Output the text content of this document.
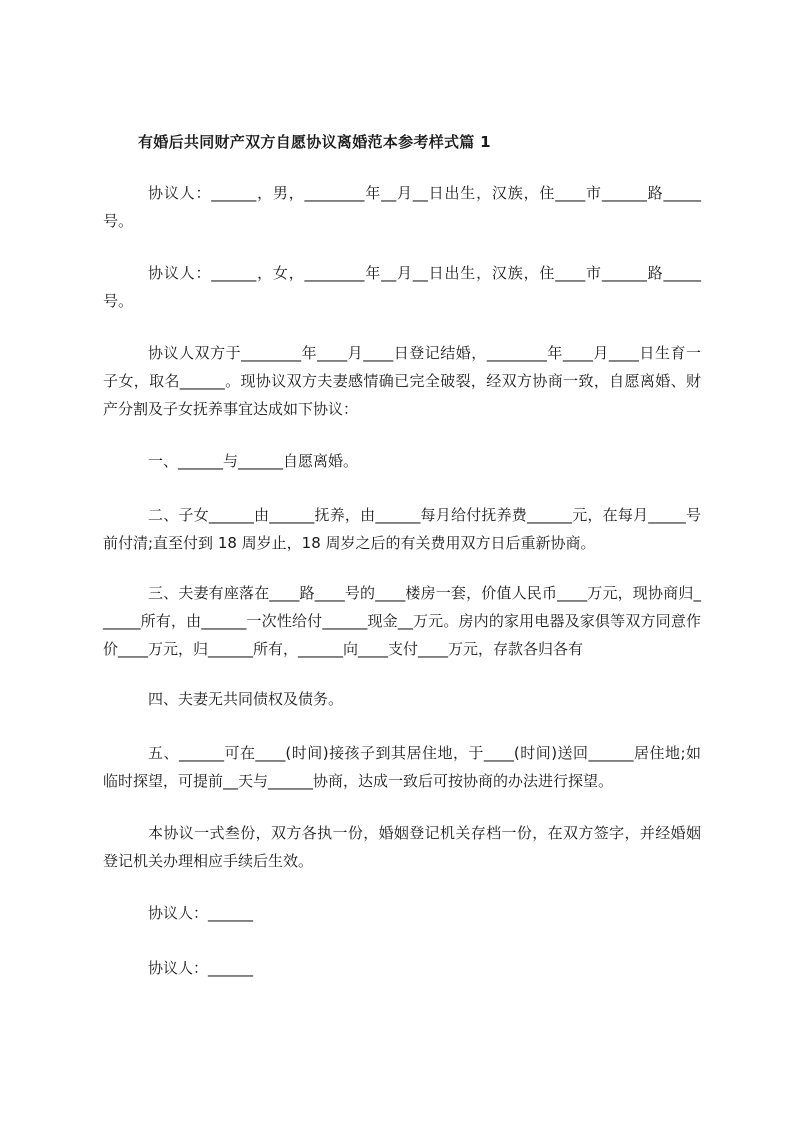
有婚后共同财产双方自愿协议离婚范本参考样式篇 1
协议人：______，男，________年__月__日出生，汉族，住____市______路_____号。
协议人：______，女，________年__月__日出生，汉族，住____市______路_____号。
协议人双方于________年____月____日登记结婚，________年____月____日生育一子女，取名______。现协议双方夫妻感情确已完全破裂，经双方协商一致，自愿离婚、财产分割及子女抚养事宜达成如下协议：
一、______与______自愿离婚。
二、子女______由______抚养，由______每月给付抚养费______元，在每月_____号前付清;直至付到 18 周岁止，18 周岁之后的有关费用双方日后重新协商。
三、夫妻有座落在____路____号的____楼房一套，价值人民币____万元，现协商归______所有，由______一次性给付______现金__万元。房内的家用电器及家俱等双方同意作价____万元，归______所有，______向____支付____万元，存款各归各有
四、夫妻无共同债权及债务。
五、______可在____(时间)接孩子到其居住地，于____(时间)送回______居住地;如临时探望，可提前__天与______协商，达成一致后可按协商的办法进行探望。
本协议一式叁份，双方各执一份，婚姻登记机关存档一份，在双方签字，并经婚姻登记机关办理相应手续后生效。
协议人：______
协议人：______
